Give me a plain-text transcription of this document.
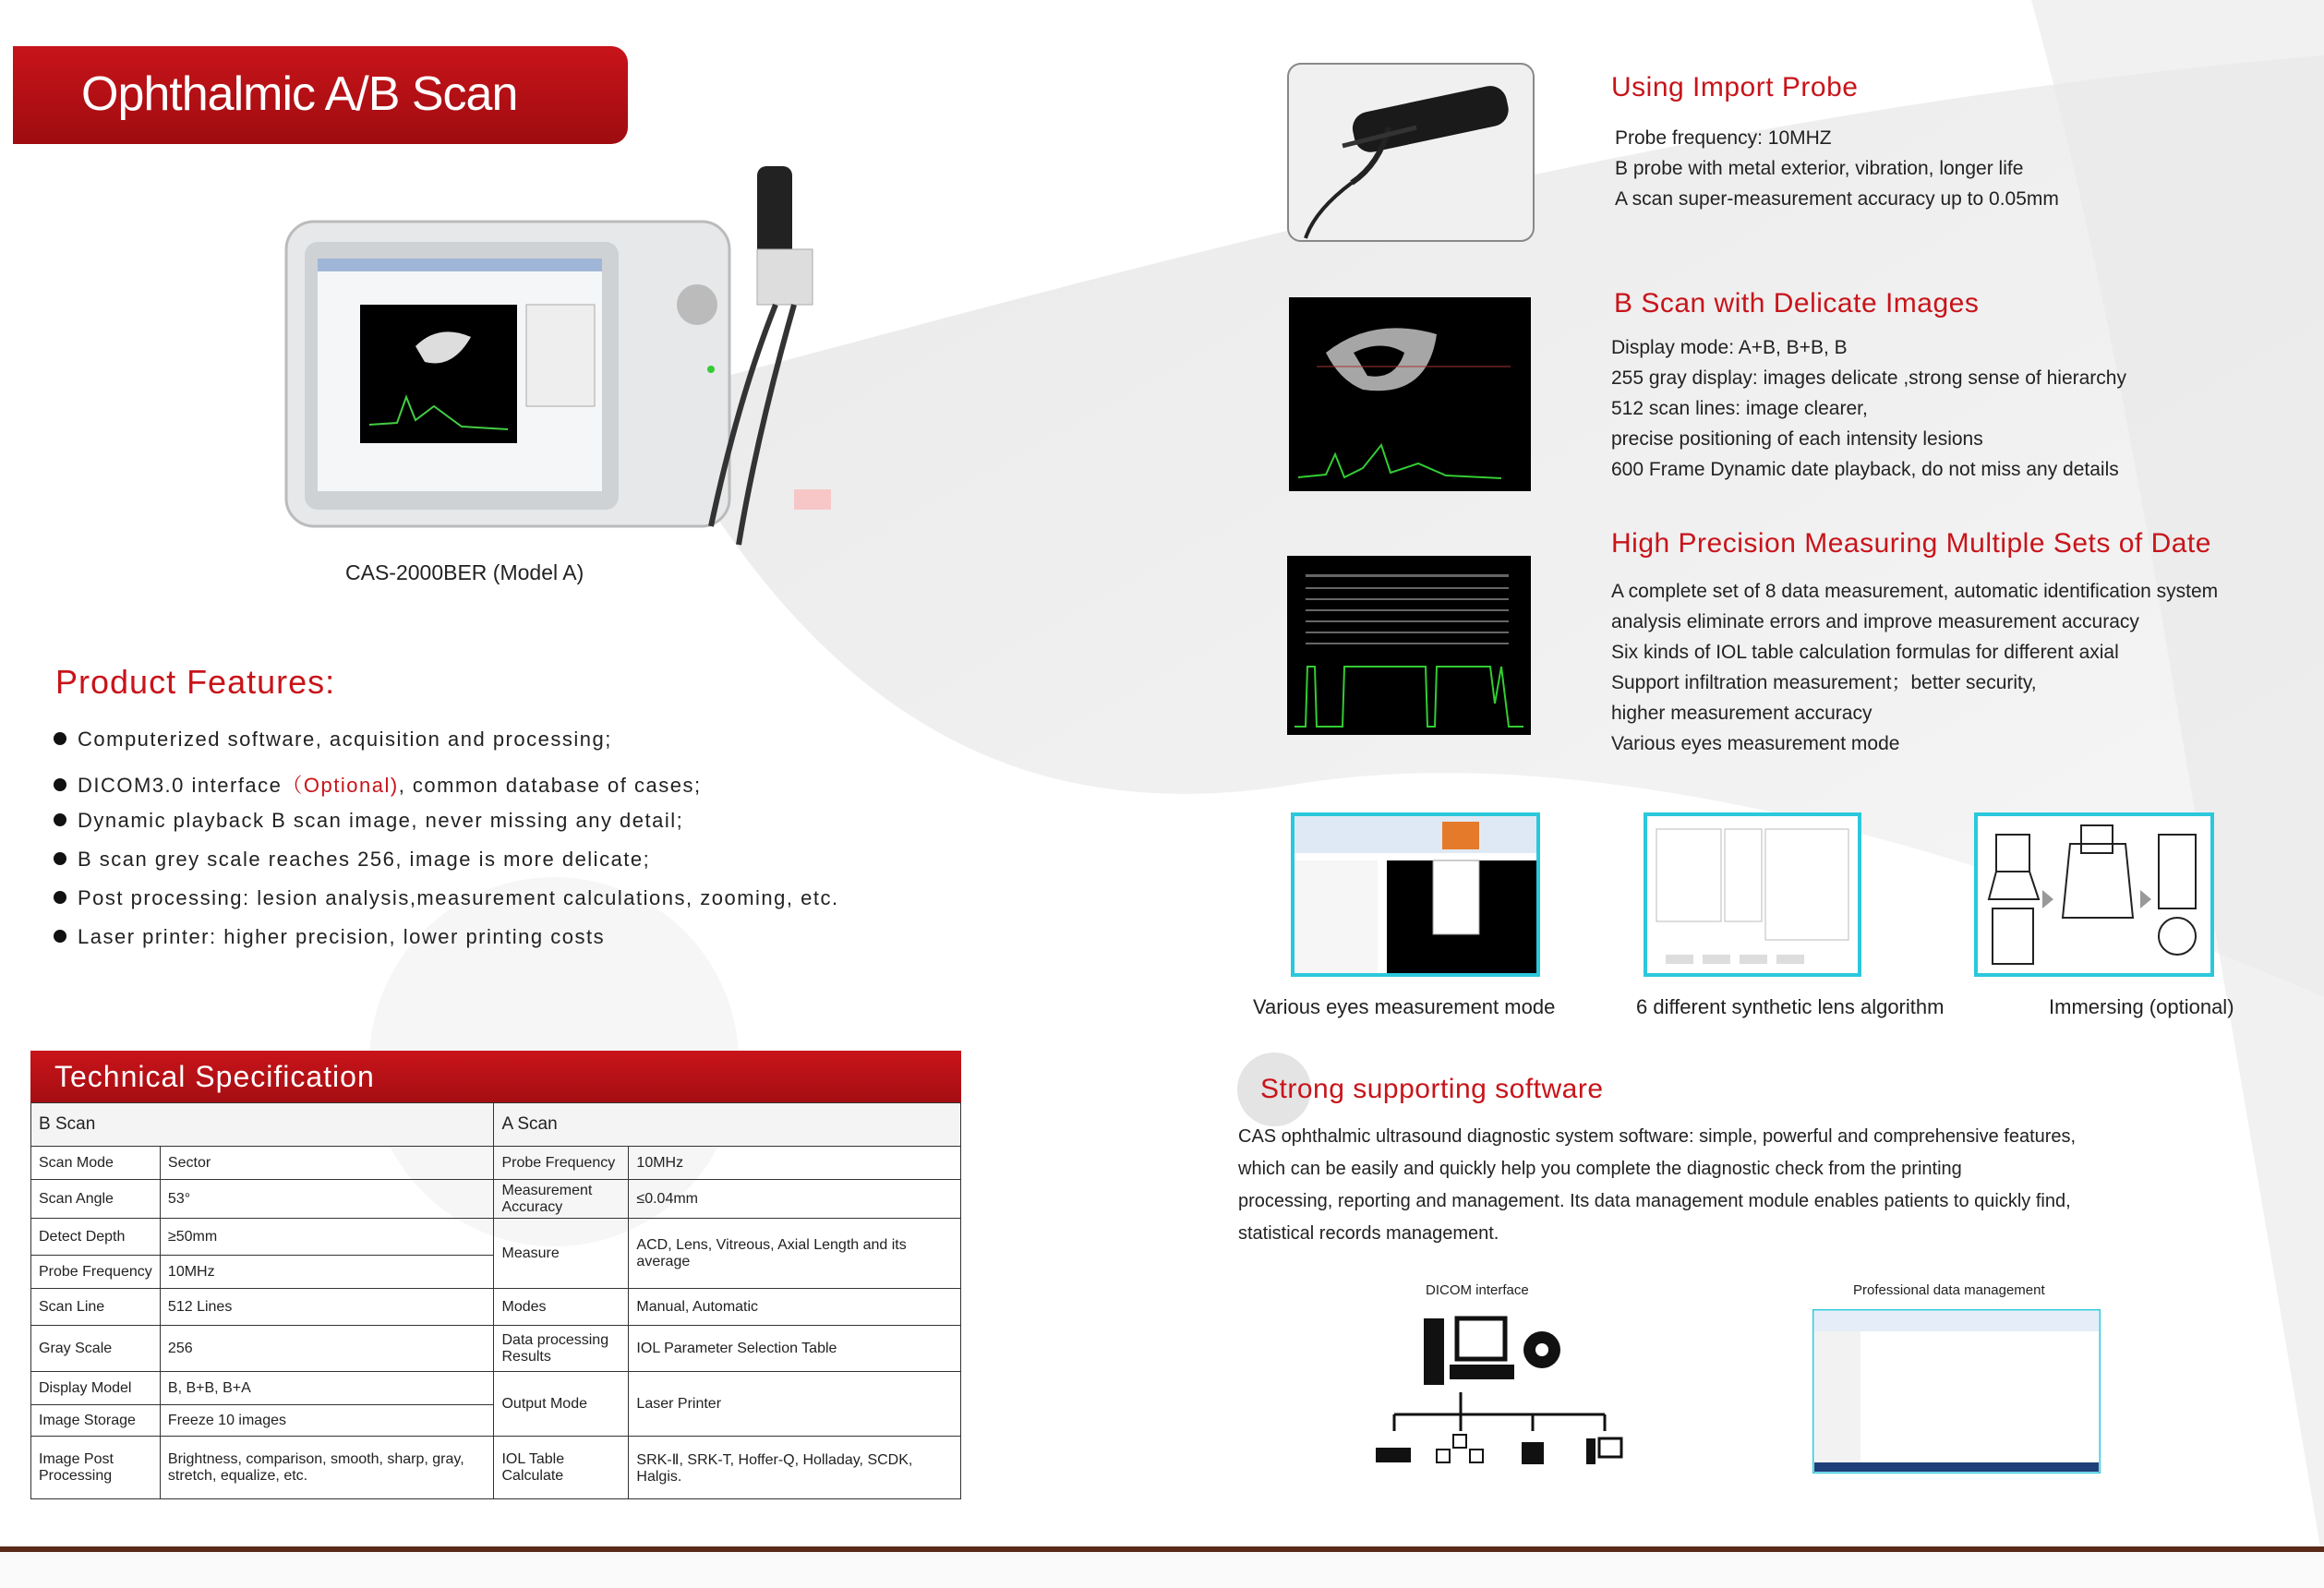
Ophthalmic A/B Scan
CAS-2000BER (Model A)
Product Features:
Computerized software, acquisition and processing;
DICOM3.0 interface（Optional), common database of cases;
Dynamic playback B scan image, never missing any detail;
B scan grey scale reaches 256, image is more delicate;
Post processing: lesion analysis,measurement calculations, zooming, etc.
Laser printer: higher precision, lower printing costs
Technical Specification
B Scan		A Scan	
Scan Mode	Sector	Probe Frequency	10MHz
Scan Angle	53°	Measurement Accuracy	≤0.04mm
Detect Depth	≥50mm	Measure	ACD, Lens, Vitreous, Axial Length and its average
Probe Frequency	10MHz		
Scan Line	512 Lines	Modes	Manual, Automatic
Gray Scale	256	Data processing Results	IOL Parameter Selection Table
Display Model	B, B+B, B+A	Output Mode	Laser Printer
Image Storage	Freeze 10 images		
Image Post Processing	Brightness, comparison, smooth, sharp, gray, stretch, equalize, etc.	IOL Table Calculate	SRK-Ⅱ, SRK-T, Hoffer-Q, Holladay, SCDK, Halgis.
Using Import Probe
Probe frequency: 10MHZ
B probe with metal exterior, vibration, longer life
A scan super-measurement accuracy up to 0.05mm
B Scan with Delicate Images
Display mode: A+B, B+B, B
255 gray display: images delicate ,strong sense of hierarchy
512 scan lines: image clearer,
precise positioning of each intensity lesions
600 Frame Dynamic date playback, do not miss any details
High Precision Measuring Multiple Sets of Date
A complete set of 8 data measurement, automatic identification system
analysis eliminate errors and improve measurement accuracy
Six kinds of IOL table calculation formulas for different axial
Support infiltration measurement；better security,
higher measurement accuracy
Various eyes measurement mode
Various eyes measurement mode	6 different synthetic lens algorithm	Immersing (optional)
Strong supporting software
CAS ophthalmic ultrasound diagnostic system software: simple, powerful and comprehensive features,
which can be easily and quickly help you complete the diagnostic check from the printing
processing, reporting and management. Its data management module enables patients to quickly find,
statistical records management.
DICOM interface	Professional data management
